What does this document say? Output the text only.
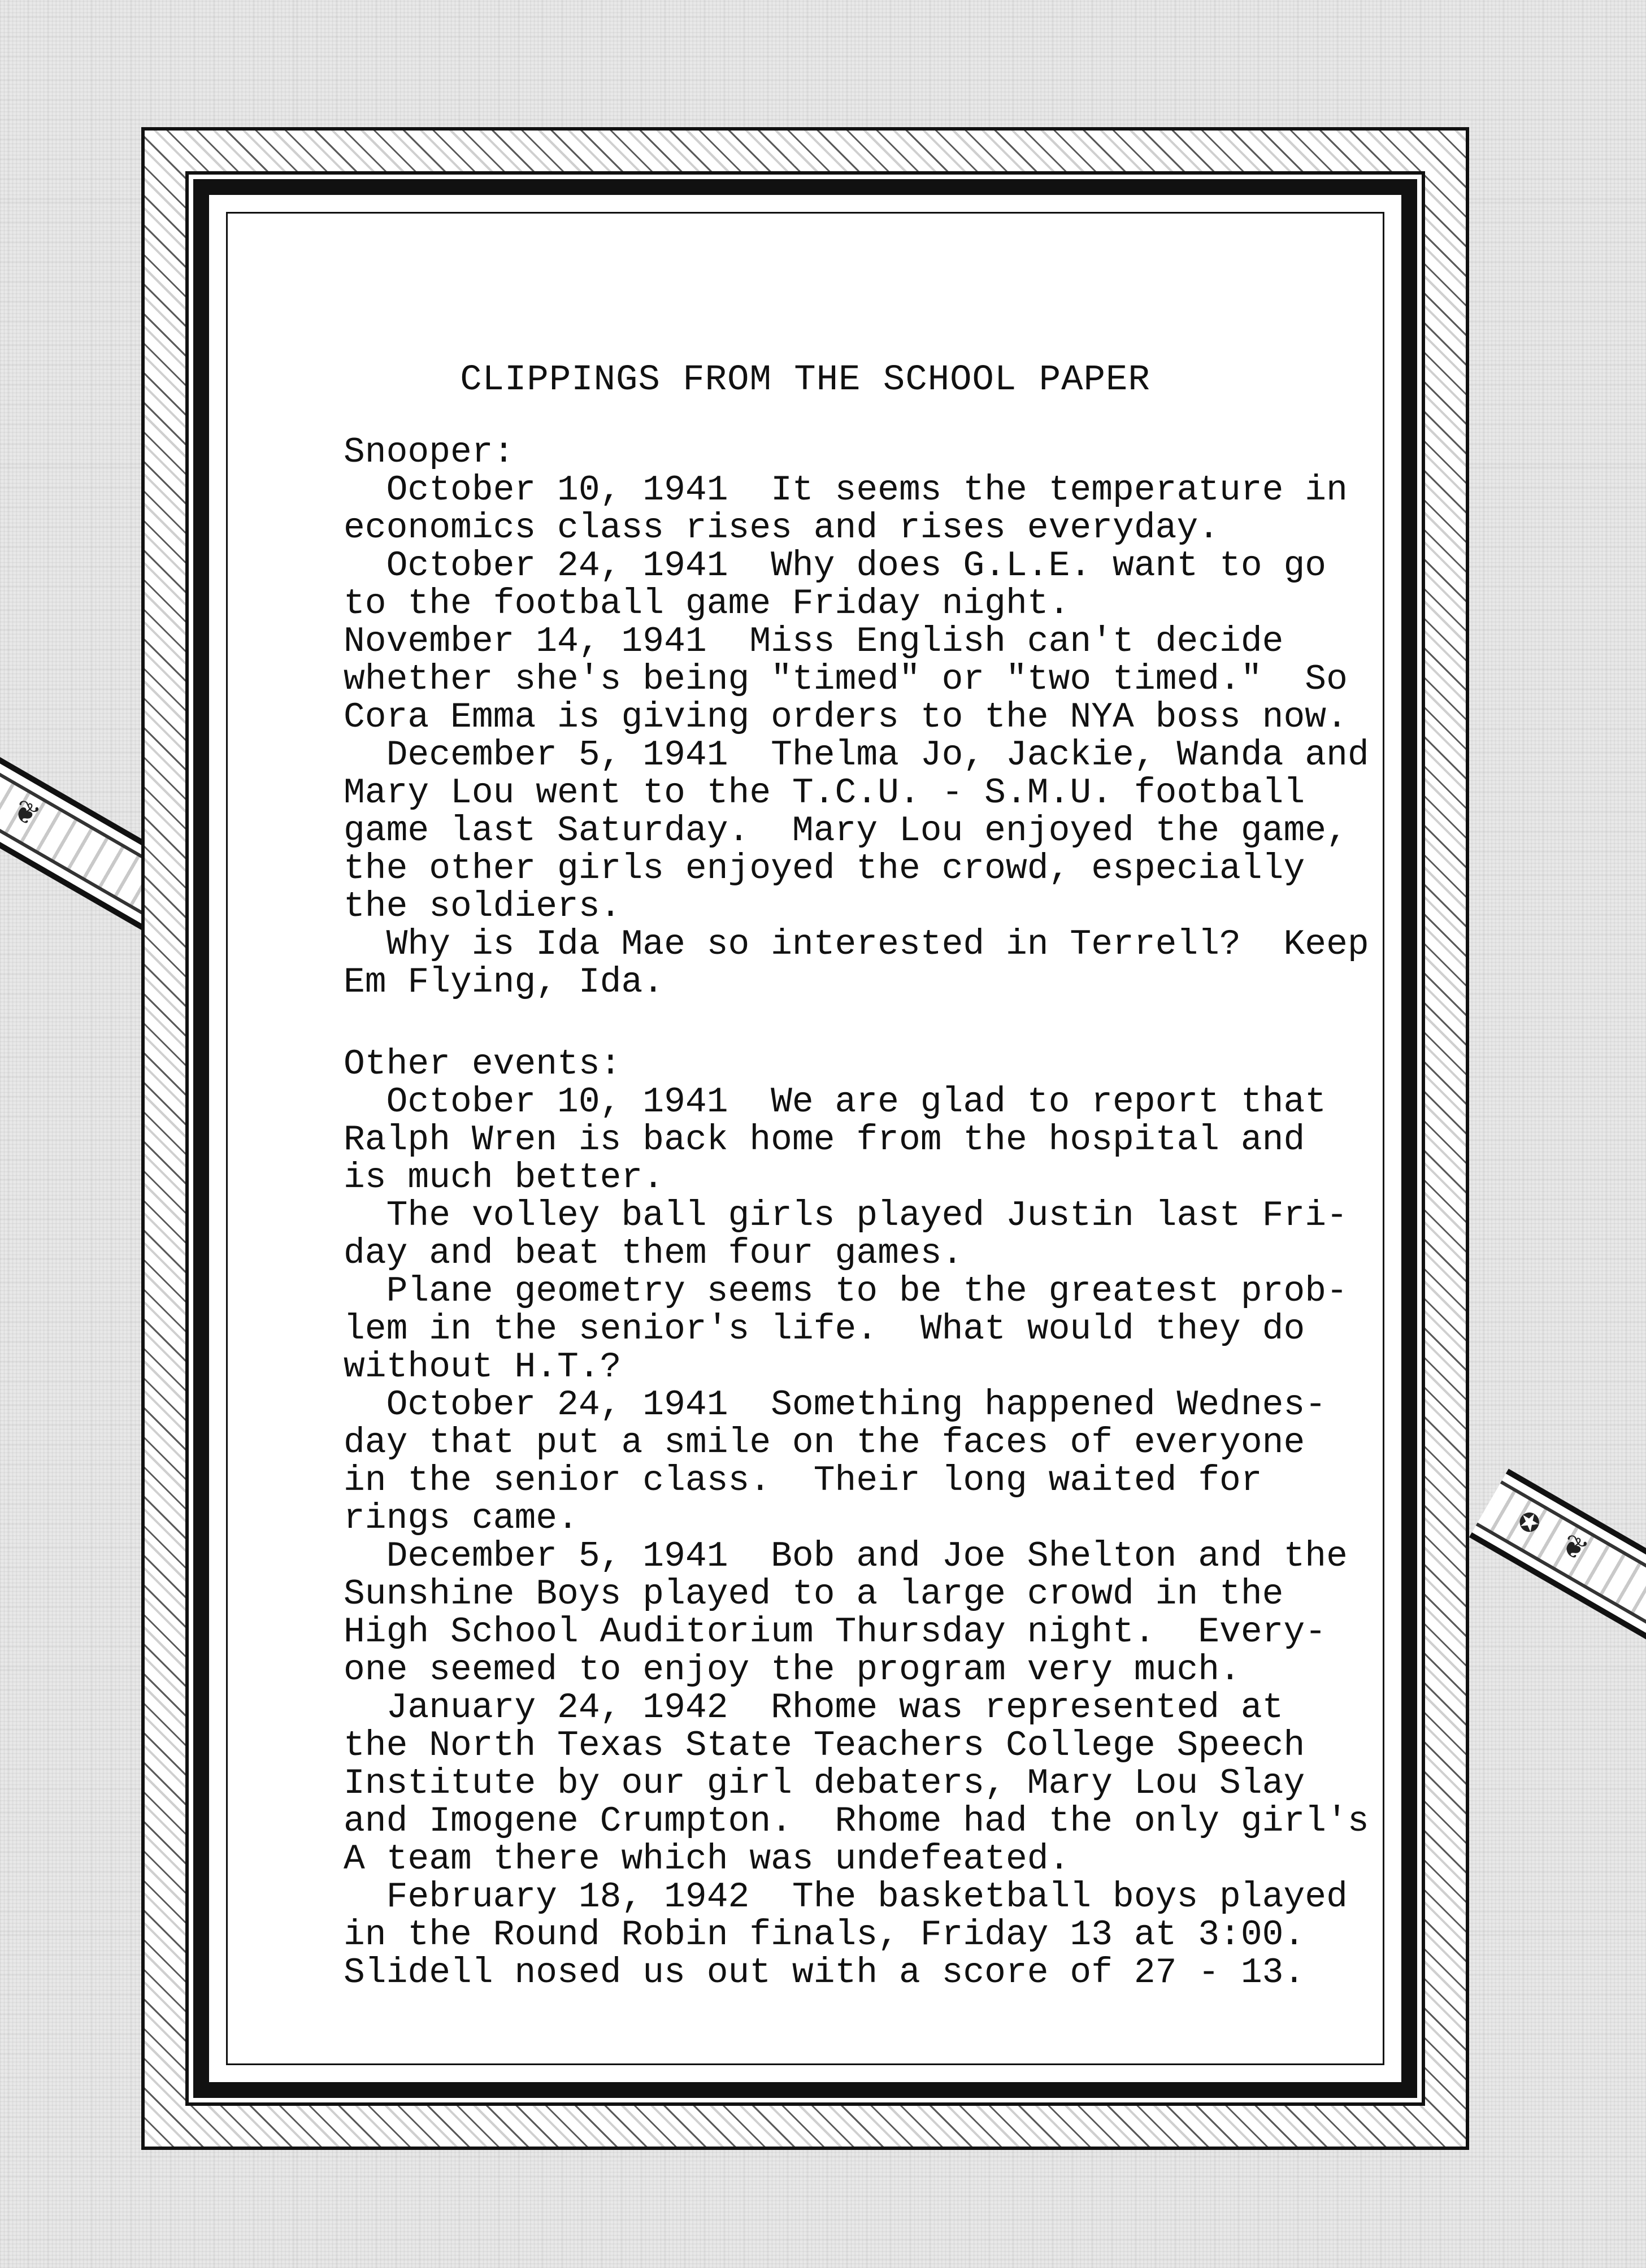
❦
✪
❦
CLIPPINGS FROM THE SCHOOL PAPER
Snooper:
October 10, 1941  It seems the temperature in
economics class rises and rises everyday.
October 24, 1941  Why does G.L.E. want to go
to the football game Friday night.
November 14, 1941  Miss English can't decide
whether she's being "timed" or "two timed."  So
Cora Emma is giving orders to the NYA boss now.
December 5, 1941  Thelma Jo, Jackie, Wanda and
Mary Lou went to the T.C.U. - S.M.U. football
game last Saturday.  Mary Lou enjoyed the game,
the other girls enjoyed the crowd, especially
the soldiers.
Why is Ida Mae so interested in Terrell?  Keep
Em Flying, Ida.
Other events:
October 10, 1941  We are glad to report that
Ralph Wren is back home from the hospital and
is much better.
The volley ball girls played Justin last Fri-
day and beat them four games.
Plane geometry seems to be the greatest prob-
lem in the senior's life.  What would they do
without H.T.?
October 24, 1941  Something happened Wednes-
day that put a smile on the faces of everyone
in the senior class.  Their long waited for
rings came.
December 5, 1941  Bob and Joe Shelton and the
Sunshine Boys played to a large crowd in the
High School Auditorium Thursday night.  Every-
one seemed to enjoy the program very much.
January 24, 1942  Rhome was represented at
the North Texas State Teachers College Speech
Institute by our girl debaters, Mary Lou Slay
and Imogene Crumpton.  Rhome had the only girl's
A team there which was undefeated.
February 18, 1942  The basketball boys played
in the Round Robin finals, Friday 13 at 3:00.
Slidell nosed us out with a score of 27 - 13.
